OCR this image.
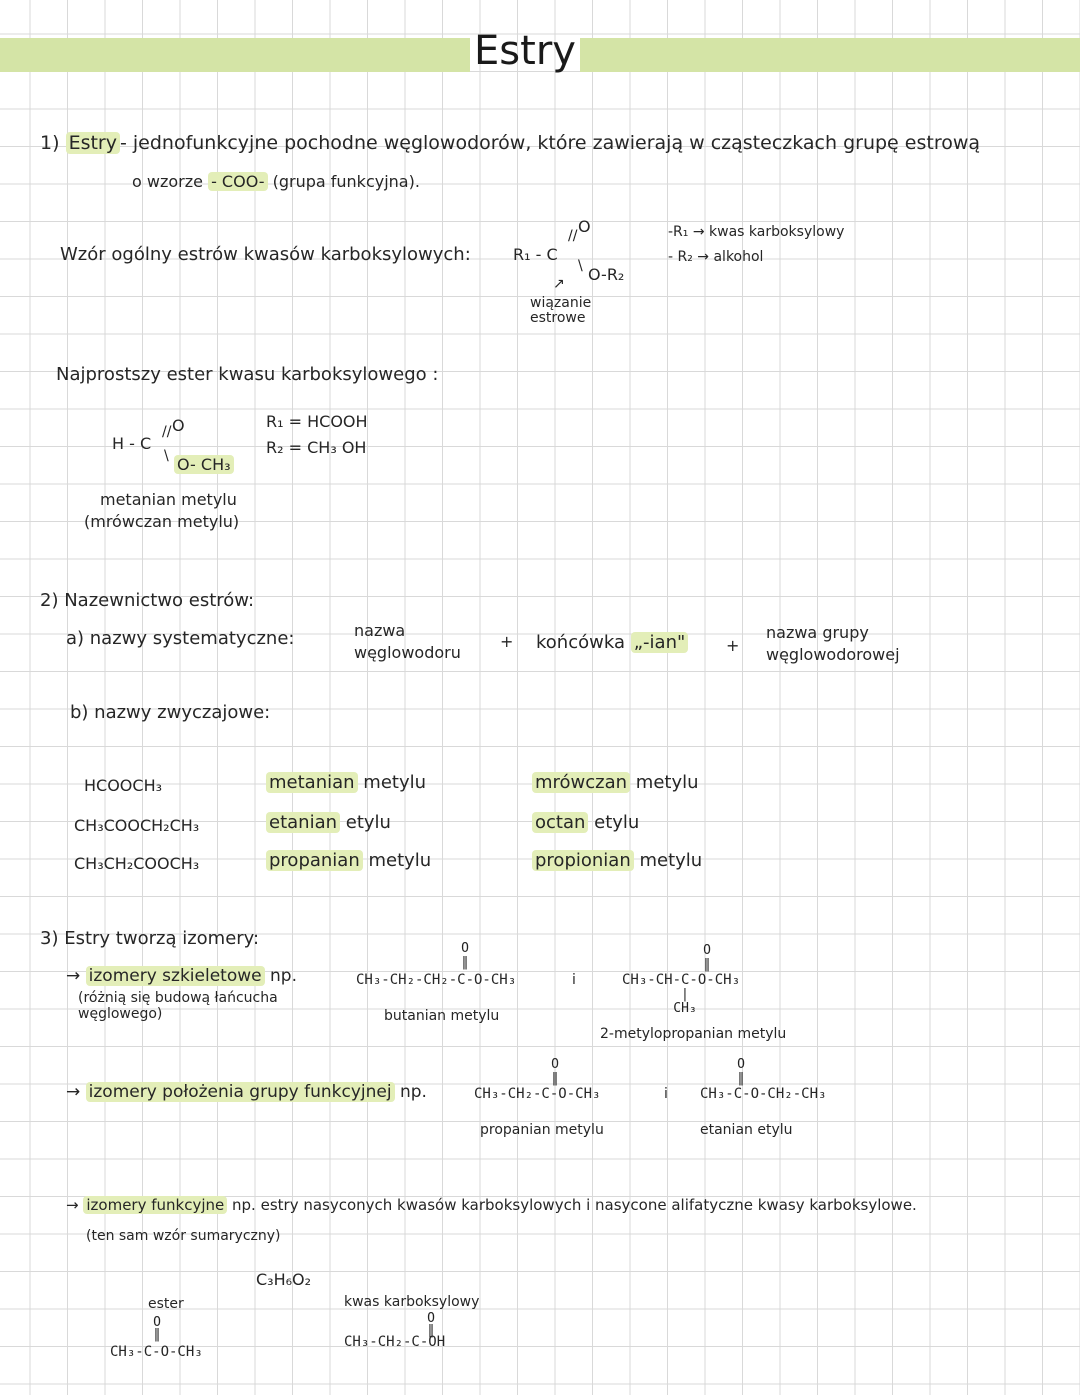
Estry
1) Estry - jednofunkcyjne pochodne węglowodorów, które zawierają w cząsteczkach grupę estrową
o wzorze - COO- (grupa funkcyjna).
Wzór ogólny estrów kwasów karboksylowych:	R₁ - C
// O
\ O-R₂
↗
wiązanie estrowe
-R₁ → kwas karboksylowy
- R₂ → alkohol
Najprostszy ester kwasu karboksylowego :
H - C
// O
\ O- CH₃
R₁ = HCOOH
R₂ = CH₃ OH
metanian metylu
(mrówczan metylu)
2) Nazewnictwo estrów:
a) nazwy systematyczne:	nazwa węglowodoru
+ końcówka „-ian"	+
nazwa grupy węglowodorowej
b) nazwy zwyczajowe:
HCOOCH₃	metanian metylu	mrówczan metylu
CH₃COOCH₂CH₃	etanian etylu	octan etylu
CH₃CH₂COOCH₃	propanian metylu	propionian metylu
3) Estry tworzą izomery:
→ izomery szkieletowe np.
(różnią się budową łańcucha węglowego)
CH₃-CH₂-CH₂-C-O-CH₃
O
‖
butanian metylu
i	CH₃-CH-C-O-CH₃
O
‖
|
CH₃
2-metylopropanian metylu
→ izomery położenia grupy funkcyjnej np.	CH₃-CH₂-C-O-CH₃
O
‖
propanian metylu
i CH₃-C-O-CH₂-CH₃
O
‖
etanian etylu
→ izomery funkcyjne np. estry nasyconych kwasów karboksylowych i nasycone alifatyczne kwasy karboksylowe.
(ten sam wzór sumaryczny)
C₃H₆O₂
ester
O
‖
CH₃-C-O-CH₃
kwas karboksylowy
O
‖
CH₃-CH₂-C-OH
